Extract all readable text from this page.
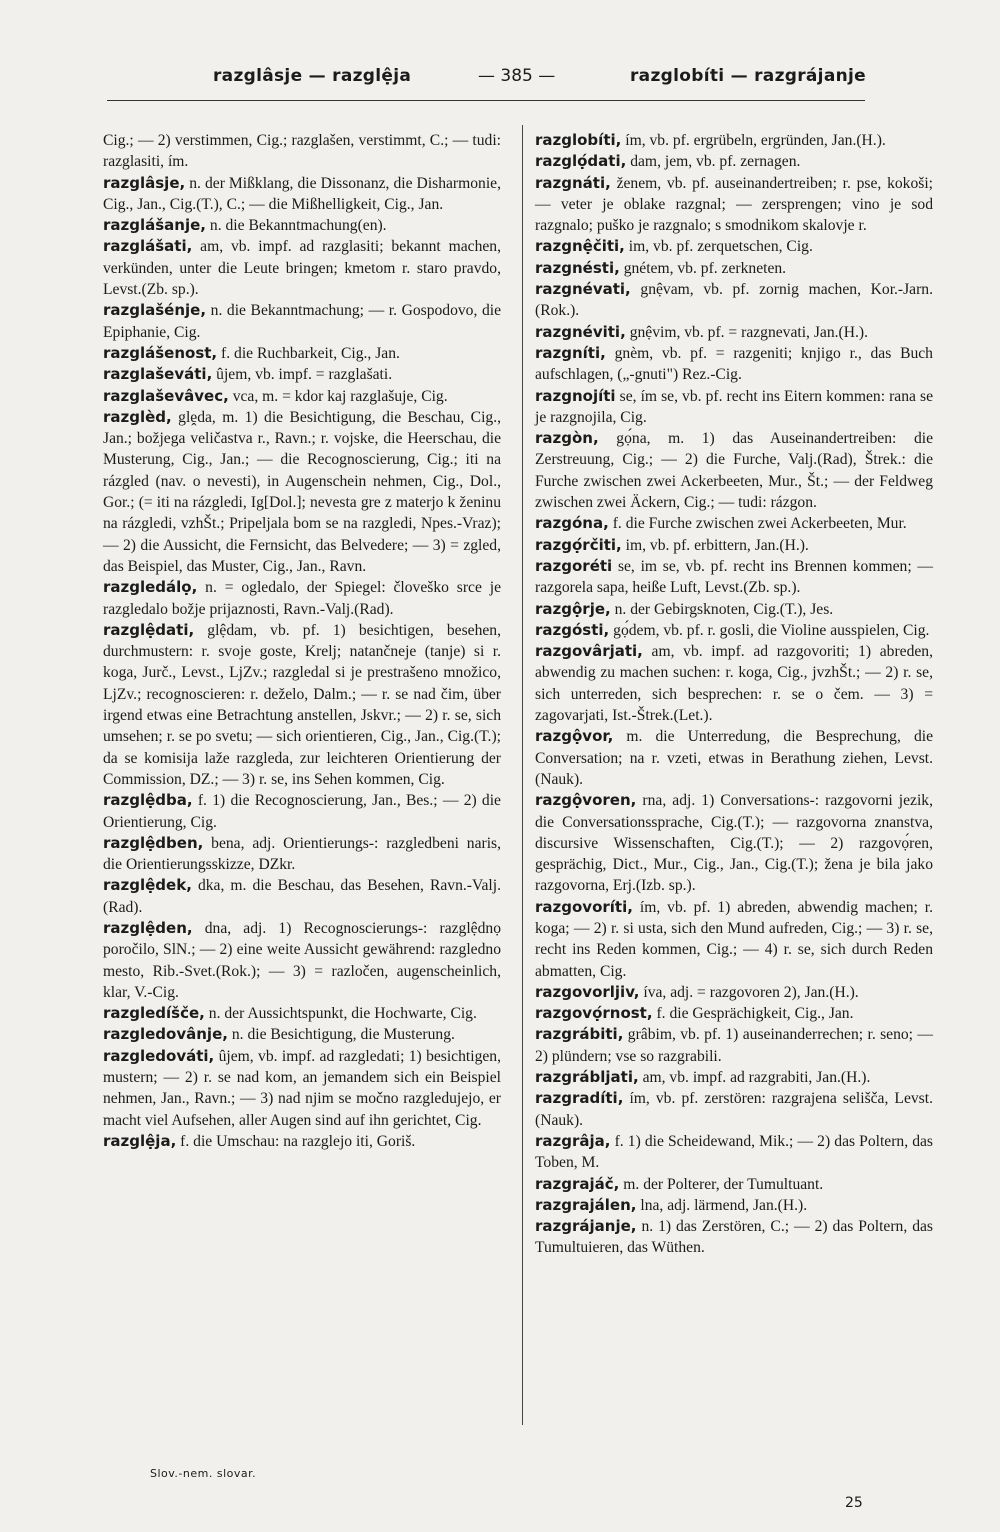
razglâsje — razglệja	— 385 —	razglobíti — razgrájanje

Cig.; — 2) verstimmen, Cig.; razglašen, verstimmt, C.; — tudi: razglasiti, ím.

razglâsje, n. der Mißklang, die Dissonanz, die Disharmonie, Cig., Jan., Cig.(T.), C.; — die Mißhelligkeit, Cig., Jan.

razglášanje, n. die Bekanntmachung(en).

razglášati, am, vb. impf. ad razglasiti; bekannt machen, verkünden, unter die Leute bringen; kmetom r. staro pravdo, Levst.(Zb. sp.).

razglašénje, n. die Bekanntmachung; — r. Gospodovo, die Epiphanie, Cig.

razglášenost, f. die Ruchbarkeit, Cig., Jan.

razglaševáti, ûjem, vb. impf. = razglašati.

razglaševâvec, vca, m. = kdor kaj razglašuje, Cig.

razglèd, glḙda, m. 1) die Besichtigung, die Beschau, Cig., Jan.; božjega veličastva r., Ravn.; r. vojske, die Heerschau, die Musterung, Cig., Jan.; — die Recognoscierung, Cig.; iti na rázgled (nav. o nevesti), in Augenschein nehmen, Cig., Dol., Gor.; (= iti na rázgledi, Ig[Dol.]; nevesta gre z materjo k ženinu na rázgledi, vzhŠt.; Pripeljala bom se na razgledi, Npes.-Vraz); — 2) die Aussicht, die Fernsicht, das Belvedere; — 3) = zgled, das Beispiel, das Muster, Cig., Jan., Ravn.

razgledálọ, n. = ogledalo, der Spiegel: človeško srce je razgledalo božje prijaznosti, Ravn.-Valj.(Rad).

razglệdati, glệdam, vb. pf. 1) besichtigen, besehen, durchmustern: r. svoje goste, Krelj; natančneje (tanje) si r. koga, Jurč., Levst., LjZv.; razgledal si je prestrašeno množico, LjZv.; recognoscieren: r. deželo, Dalm.; — r. se nad čim, über irgend etwas eine Betrachtung anstellen, Jskvr.; — 2) r. se, sich umsehen; r. se po svetu; — sich orientieren, Cig., Jan., Cig.(T.); da se komisija laže razgleda, zur leichteren Orientierung der Commission, DZ.; — 3) r. se, ins Sehen kommen, Cig.

razglệdba, f. 1) die Recognoscierung, Jan., Bes.; — 2) die Orientierung, Cig.

razglệdben, bena, adj. Orientierungs-: razgledbeni naris, die Orientierungsskizze, DZkr.

razglệdek, dka, m. die Beschau, das Besehen, Ravn.-Valj.(Rad).

razglệden, dna, adj. 1) Recognoscierungs-: razglệdnọ poročilo, SlN.; — 2) eine weite Aussicht gewährend: razgledno mesto, Rib.-Svet.(Rok.); — 3) = razločen, augenscheinlich, klar, V.-Cig.

razgledíšče, n. der Aussichtspunkt, die Hochwarte, Cig.

razgledovânje, n. die Besichtigung, die Musterung.

razgledováti, ûjem, vb. impf. ad razgledati; 1) besichtigen, mustern; — 2) r. se nad kom, an jemandem sich ein Beispiel nehmen, Jan., Ravn.; — 3) nad njim se močno razgledujejo, er macht viel Aufsehen, aller Augen sind auf ihn gerichtet, Cig.

razglệja, f. die Umschau: na razglejo iti, Goriš.

razglobíti, ím, vb. pf. ergrübeln, ergründen, Jan.(H.).

razglọ́dati, dam, jem, vb. pf. zernagen.

razgnáti, ženem, vb. pf. auseinandertreiben; r. pse, kokoši; — veter je oblake razgnal; — zersprengen; vino je sod razgnalo; puško je razgnalo; s smodnikom skalovje r.

razgnệčiti, im, vb. pf. zerquetschen, Cig.

razgnésti, gnétem, vb. pf. zerkneten.

razgnévati, gnệvam, vb. pf. zornig machen, Kor.-Jarn.(Rok.).

razgnéviti, gnệvim, vb. pf. = razgnevati, Jan.(H.).

razgníti, gnèm, vb. pf. = razgeniti; knjigo r., das Buch aufschlagen, („-gnuti") Rez.-Cig.

razgnojíti se, ím se, vb. pf. recht ins Eitern kommen: rana se je razgnojila, Cig.

razgòn, gọ́na, m. 1) das Auseinandertreiben: die Zerstreuung, Cig.; — 2) die Furche, Valj.(Rad), Štrek.: die Furche zwischen zwei Ackerbeeten, Mur., Št.; — der Feldweg zwischen zwei Äckern, Cig.; — tudi: rázgon.

razgóna, f. die Furche zwischen zwei Ackerbeeten, Mur.

razgọ́rčiti, im, vb. pf. erbittern, Jan.(H.).

razgoréti se, im se, vb. pf. recht ins Brennen kommen; — razgorela sapa, heiße Luft, Levst.(Zb. sp.).

razgộrje, n. der Gebirgsknoten, Cig.(T.), Jes.

razgósti, gọ́dem, vb. pf. r. gosli, die Violine ausspielen, Cig.

razgovârjati, am, vb. impf. ad razgovoriti; 1) abreden, abwendig zu machen suchen: r. koga, Cig., jvzhŠt.; — 2) r. se, sich unterreden, sich besprechen: r. se o čem. — 3) = zagovarjati, Ist.-Štrek.(Let.).

razgộvor, m. die Unterredung, die Besprechung, die Conversation; na r. vzeti, etwas in Berathung ziehen, Levst.(Nauk).

razgộvoren, rna, adj. 1) Conversations-: razgovorni jezik, die Conversationssprache, Cig.(T.); — razgovorna znanstva, discursive Wissenschaften, Cig.(T.); — 2) razgovọ́ren, gesprächig, Dict., Mur., Cig., Jan., Cig.(T.); žena je bila jako razgovorna, Erj.(Izb. sp.).

razgovoríti, ím, vb. pf. 1) abreden, abwendig machen; r. koga; — 2) r. si usta, sich den Mund aufreden, Cig.; — 3) r. se, recht ins Reden kommen, Cig.; — 4) r. se, sich durch Reden abmatten, Cig.

razgovorljiv, íva, adj. = razgovoren 2), Jan.(H.).

razgovọ́rnost, f. die Gesprächigkeit, Cig., Jan.

razgrábiti, grâbim, vb. pf. 1) auseinanderrechen; r. seno; — 2) plündern; vse so razgrabili.

razgrábljati, am, vb. impf. ad razgrabiti, Jan.(H.).

razgradíti, ím, vb. pf. zerstören: razgrajena selišča, Levst.(Nauk).

razgrâja, f. 1) die Scheidewand, Mik.; — 2) das Poltern, das Toben, M.

razgrajáč, m. der Polterer, der Tumultuant.

razgrajálen, lna, adj. lärmend, Jan.(H.).

razgrájanje, n. 1) das Zerstören, C.; — 2) das Poltern, das Tumultuieren, das Wüthen.

Slov.-nem. slovar.
25
